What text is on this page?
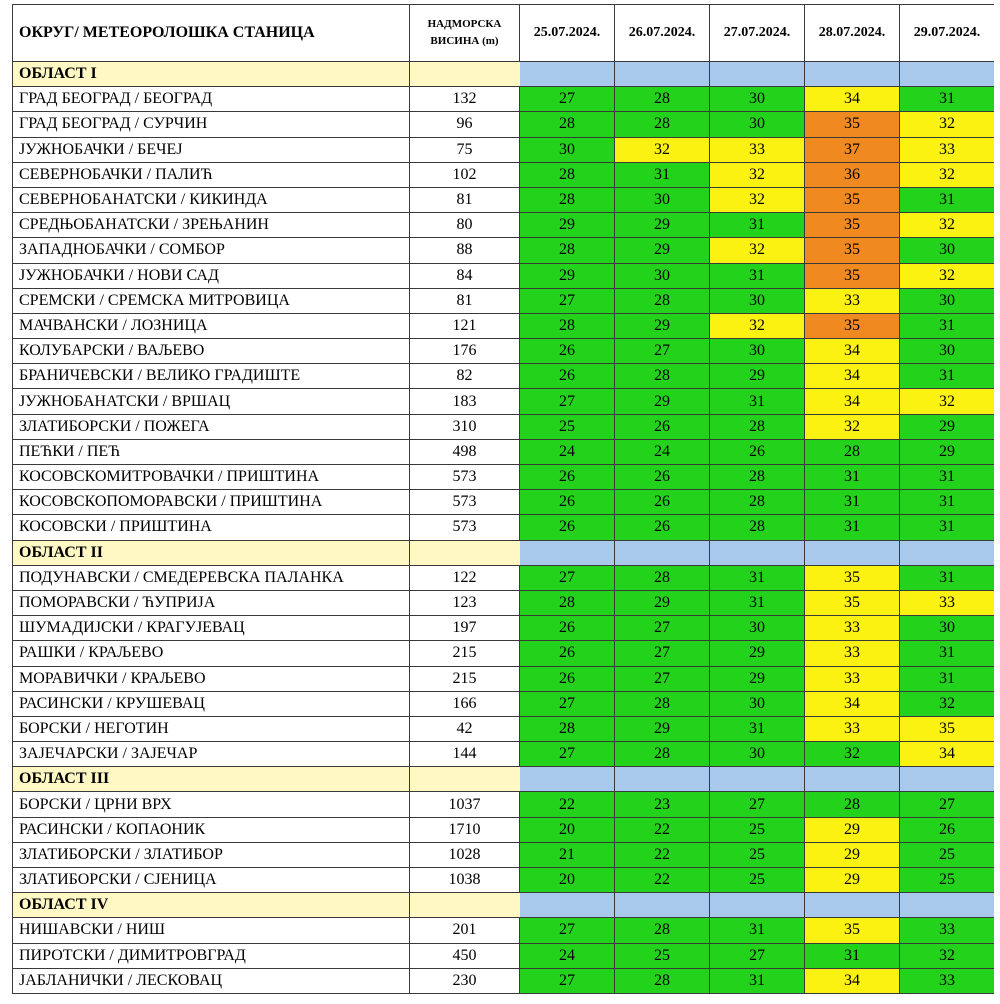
ОКРУГ/ МЕТЕОРОЛОШКА СТАНИЦА	НАДМОРСКА
ВИСИНА (m)	25.07.2024.	26.07.2024.	27.07.2024.	28.07.2024.	29.07.2024.
ОБЛАСТ I						
ГРАД БЕОГРАД / БЕОГРАД	132	27	28	30	34	31
ГРАД БЕОГРАД / СУРЧИН	96	28	28	30	35	32
ЈУЖНОБАЧКИ / БЕЧЕЈ	75	30	32	33	37	33
СЕВЕРНОБАЧКИ / ПАЛИЋ	102	28	31	32	36	32
СЕВЕРНОБАНАТСКИ / КИКИНДА	81	28	30	32	35	31
СРЕДЊОБАНАТСКИ / ЗРЕЊАНИН	80	29	29	31	35	32
ЗАПАДНОБАЧКИ / СОМБОР	88	28	29	32	35	30
ЈУЖНОБАЧКИ / НОВИ САД	84	29	30	31	35	32
СРЕМСКИ / СРЕМСКА МИТРОВИЦА	81	27	28	30	33	30
МАЧВАНСКИ / ЛОЗНИЦА	121	28	29	32	35	31
КОЛУБАРСКИ / ВАЉЕВО	176	26	27	30	34	30
БРАНИЧЕВСКИ / ВЕЛИКО ГРАДИШТЕ	82	26	28	29	34	31
ЈУЖНОБАНАТСКИ / ВРШАЦ	183	27	29	31	34	32
ЗЛАТИБОРСКИ / ПОЖЕГА	310	25	26	28	32	29
ПЕЋКИ / ПЕЋ	498	24	24	26	28	29
КОСОВСКОМИТРОВАЧКИ / ПРИШТИНА	573	26	26	28	31	31
КОСОВСКОПОМОРАВСКИ / ПРИШТИНА	573	26	26	28	31	31
КОСОВСКИ / ПРИШТИНА	573	26	26	28	31	31
ОБЛАСТ II						
ПОДУНАВСКИ / СМЕДЕРЕВСКА ПАЛАНКА	122	27	28	31	35	31
ПОМОРАВСКИ / ЋУПРИЈА	123	28	29	31	35	33
ШУМАДИЈСКИ / КРАГУЈЕВАЦ	197	26	27	30	33	30
РАШКИ / КРАЉЕВО	215	26	27	29	33	31
МОРАВИЧКИ / КРАЉЕВО	215	26	27	29	33	31
РАСИНСКИ / КРУШЕВАЦ	166	27	28	30	34	32
БОРСКИ / НЕГОТИН	42	28	29	31	33	35
ЗАЈЕЧАРСКИ / ЗАЈЕЧАР	144	27	28	30	32	34
ОБЛАСТ III						
БОРСКИ / ЦРНИ ВРХ	1037	22	23	27	28	27
РАСИНСКИ / КОПАОНИК	1710	20	22	25	29	26
ЗЛАТИБОРСКИ / ЗЛАТИБОР	1028	21	22	25	29	25
ЗЛАТИБОРСКИ / СЈЕНИЦА	1038	20	22	25	29	25
ОБЛАСТ IV						
НИШАВСКИ / НИШ	201	27	28	31	35	33
ПИРОТСКИ / ДИМИТРОВГРАД	450	24	25	27	31	32
ЈАБЛАНИЧКИ / ЛЕСКОВАЦ	230	27	28	31	34	33
